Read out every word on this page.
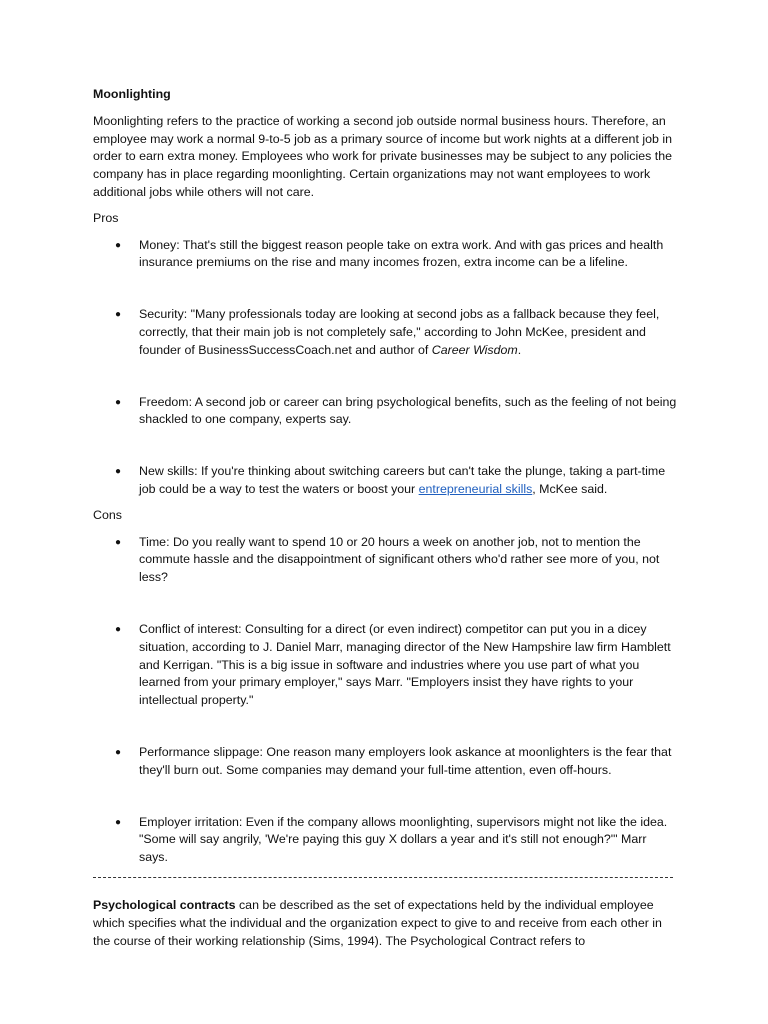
Moonlighting

Moonlighting refers to the practice of working a second job outside normal business hours. Therefore, an employee may work a normal 9-to-5 job as a primary source of income but work nights at a different job in order to earn extra money. Employees who work for private businesses may be subject to any policies the company has in place regarding moonlighting. Certain organizations may not want employees to work additional jobs while others will not care.

Pros
● Money: That's still the biggest reason people take on extra work. And with gas prices and health insurance premiums on the rise and many incomes frozen, extra income can be a lifeline.
● Security: "Many professionals today are looking at second jobs as a fallback because they feel, correctly, that their main job is not completely safe," according to John McKee, president and founder of BusinessSuccessCoach.net and author of Career Wisdom.
● Freedom: A second job or career can bring psychological benefits, such as the feeling of not being shackled to one company, experts say.
● New skills: If you're thinking about switching careers but can't take the plunge, taking a part-time job could be a way to test the waters or boost your entrepreneurial skills, McKee said.
Cons
● Time: Do you really want to spend 10 or 20 hours a week on another job, not to mention the commute hassle and the disappointment of significant others who'd rather see more of you, not less?
● Conflict of interest: Consulting for a direct (or even indirect) competitor can put you in a dicey situation, according to J. Daniel Marr, managing director of the New Hampshire law firm Hamblett and Kerrigan. "This is a big issue in software and industries where you use part of what you learned from your primary employer," says Marr. "Employers insist they have rights to your intellectual property."
● Performance slippage: One reason many employers look askance at moonlighters is the fear that they'll burn out. Some companies may demand your full-time attention, even off-hours.
● Employer irritation: Even if the company allows moonlighting, supervisors might not like the idea. "Some will say angrily, 'We're paying this guy X dollars a year and it's still not enough?'" Marr says.

Psychological contracts can be described as the set of expectations held by the individual employee which specifies what the individual and the organization expect to give to and receive from each other in the course of their working relationship (Sims, 1994). The Psychological Contract refers to
